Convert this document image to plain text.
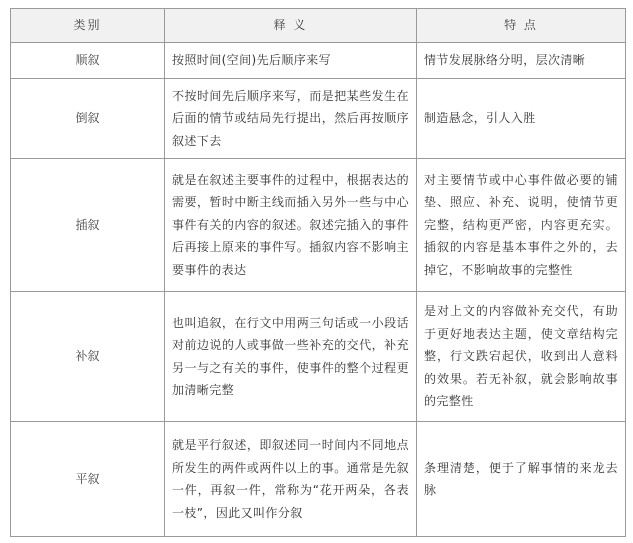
类别	释 义	特 点
顺叙	按照时间(空间)先后顺序来写	情节发展脉络分明，层次清晰
倒叙	不按时间先后顺序来写，而是把某些发生在后面的情节或结局先行提出，然后再按顺序叙述下去	制造悬念，引人入胜
插叙	就是在叙述主要事件的过程中，根据表达的需要，暂时中断主线而插入另外一些与中心事件有关的内容的叙述。叙述完插入的事件后再接上原来的事件写。插叙内容不影响主要事件的表达	对主要情节或中心事件做必要的铺垫、照应、补充、说明，使情节更完整，结构更严密，内容更充实。插叙的内容是基本事件之外的，去掉它，不影响故事的完整性
补叙	也叫追叙，在行文中用两三句话或一小段话对前边说的人或事做一些补充的交代，补充另一与之有关的事件，使事件的整个过程更加清晰完整	是对上文的内容做补充交代，有助于更好地表达主题，使文章结构完整，行文跌宕起伏，收到出人意料的效果。若无补叙，就会影响故事的完整性
平叙	就是平行叙述，即叙述同一时间内不同地点所发生的两件或两件以上的事。通常是先叙一件，再叙一件，常称为“花开两朵，各表一枝”，因此又叫作分叙	条理清楚，便于了解事情的来龙去脉
